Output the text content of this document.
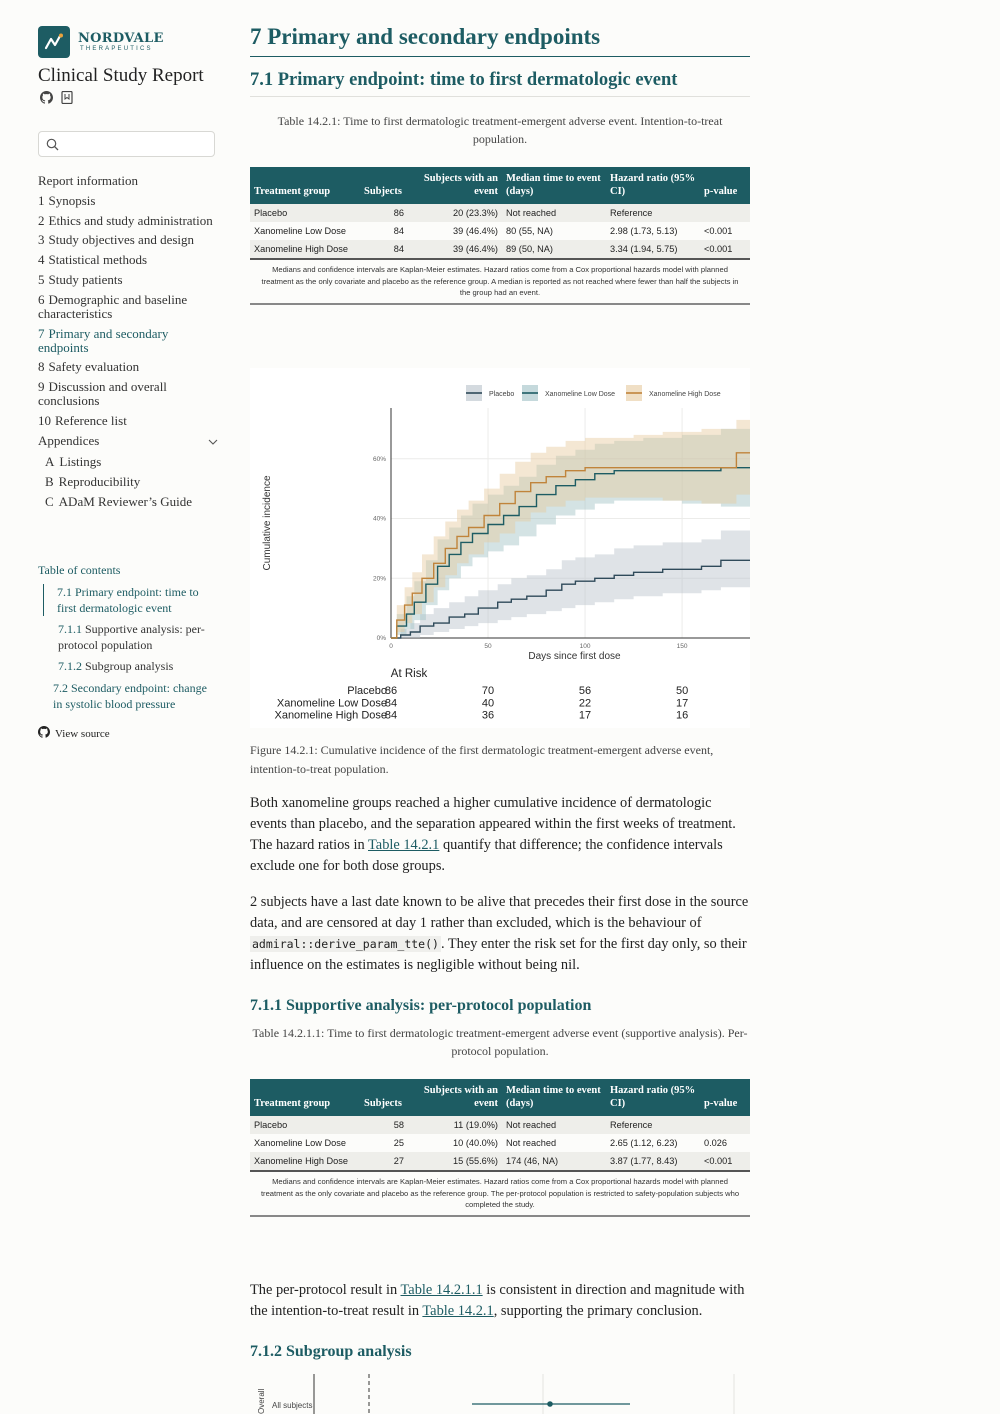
NORDVALE
THERAPEUTICS
Clinical Study Report
Report information
1 Synopsis
2 Ethics and study administration
3 Study objectives and design
4 Statistical methods
5 Study patients
6 Demographic and baseline characteristics
7 Primary and secondary endpoints
8 Safety evaluation
9 Discussion and overall conclusions
10 Reference list
Appendices
A Listings
B Reproducibility
C ADaM Reviewer’s Guide
Table of contents
7.1 Primary endpoint: time to first dermatologic event
7.1.1 Supportive analysis: per-protocol population
7.1.2 Subgroup analysis
7.2 Secondary endpoint: change in systolic blood pressure
View source
7 Primary and secondary endpoints
7.1 Primary endpoint: time to first dermatologic event
Table 14.2.1: Time to first dermatologic treatment-emergent adverse event. Intention-to-treat population.
Treatment group	Subjects	Subjects with an event	Median time to event (days)	Hazard ratio (95% CI)	p-value
Placebo	86	20 (23.3%)	Not reached	Reference	
Xanomeline Low Dose	84	39 (46.4%)	80 (55, NA)	2.98 (1.73, 5.13)	<0.001
Xanomeline High Dose	84	39 (46.4%)	89 (50, NA)	3.34 (1.94, 5.75)	<0.001
Medians and confidence intervals are Kaplan-Meier estimates. Hazard ratios come from a Cox proportional hazards model with planned treatment as the only covariate and placebo as the reference group. A median is reported as not reached where fewer than half the subjects in the group had an event.
Figure 14.2.1: Cumulative incidence of the first dermatologic treatment-emergent adverse event, intention-to-treat population.
Both xanomeline groups reached a higher cumulative incidence of dermatologic events than placebo, and the separation appeared within the first weeks of treatment. The hazard ratios in Table 14.2.1 quantify that difference; the confidence intervals exclude one for both dose groups.
2 subjects have a last date known to be alive that precedes their first dose in the source data, and are censored at day 1 rather than excluded, which is the behaviour of admiral::derive_param_tte() . They enter the risk set for the first day only, so their influence on the estimates is negligible without being nil.
7.1.1 Supportive analysis: per-protocol population
Table 14.2.1.1: Time to first dermatologic treatment-emergent adverse event (supportive analysis). Per-protocol population.
Treatment group	Subjects	Subjects with an event	Median time to event (days)	Hazard ratio (95% CI)	p-value
Placebo	58	11 (19.0%)	Not reached	Reference	
Xanomeline Low Dose	25	10 (40.0%)	Not reached	2.65 (1.12, 6.23)	0.026
Xanomeline High Dose	27	15 (55.6%)	174 (46, NA)	3.87 (1.77, 8.43)	<0.001
Medians and confidence intervals are Kaplan-Meier estimates. Hazard ratios come from a Cox proportional hazards model with planned treatment as the only covariate and placebo as the reference group. The per-protocol population is restricted to safety-population subjects who completed the study.
The per-protocol result in Table 14.2.1.1 is consistent in direction and magnitude with the intention-to-treat result in Table 14.2.1, supporting the primary conclusion.
7.1.2 Subgroup analysis
All subjects
Overall
0	50	100	150
0%
20%
40%
60%
Days since first dose
Cumulative incidence
Placebo	Xanomeline Low Dose	Xanomeline High Dose
At Risk
Placebo
86	70	56	50
Xanomeline Low Dose
84	40	22	17
Xanomeline High Dose
84	36	17	16
